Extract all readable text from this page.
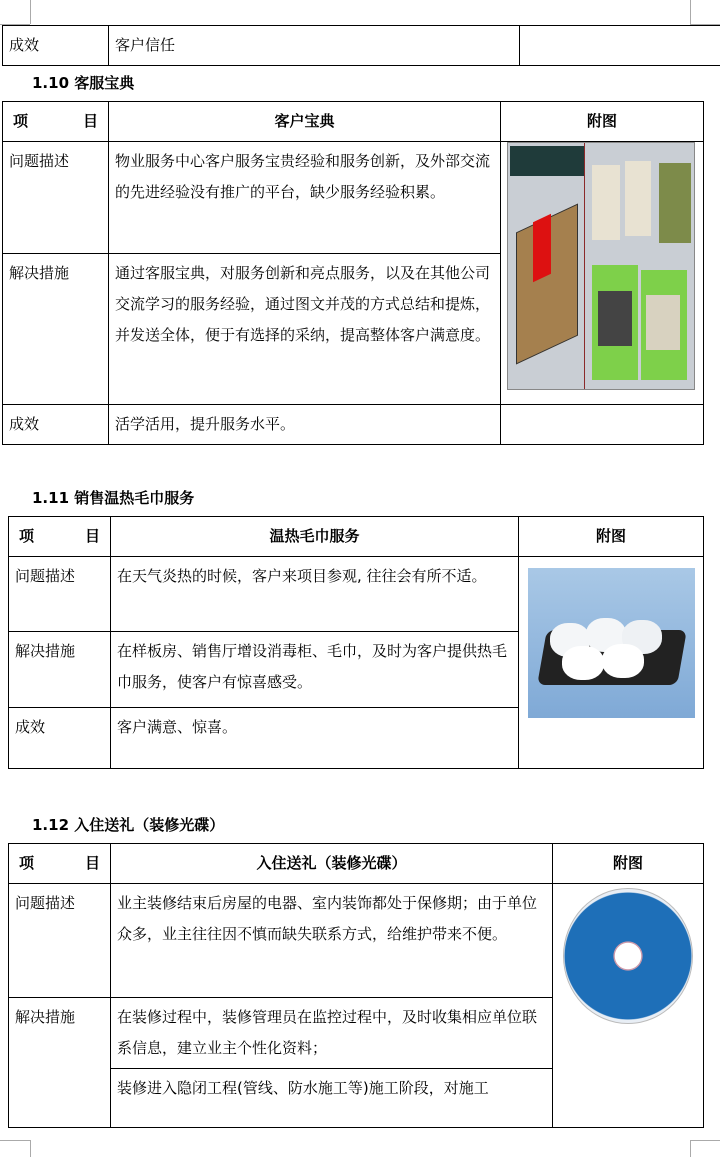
成效	客户信任	
1.10 客服宝典
项 目	客户宝典	附图
问题描述	物业服务中心客户服务宝贵经验和服务创新，及外部交流的先进经验没有推广的平台，缺少服务经验积累。	
解决措施	通过客服宝典，对服务创新和亮点服务，以及在其他公司交流学习的服务经验，通过图文并茂的方式总结和提炼，并发送全体，便于有选择的采纳，提高整体客户满意度。	
成效	活学活用，提升服务水平。	
1.11 销售温热毛巾服务
项 目	温热毛巾服务	附图
问题描述	在天气炎热的时候，客户来项目参观, 往往会有所不适。	
解决措施	在样板房、销售厅增设消毒柜、毛巾，及时为客户提供热毛巾服务，使客户有惊喜感受。	
成效	客户满意、惊喜。	
1.12 入住送礼（装修光碟）
项 目	入住送礼（装修光碟）	附图
问题描述	业主装修结束后房屋的电器、室内装饰都处于保修期；由于单位众多，业主往往因不慎而缺失联系方式，给维护带来不便。	
解决措施	在装修过程中，装修管理员在监控过程中，及时收集相应单位联系信息，建立业主个性化资料；	
	装修进入隐闭工程(管线、防水施工等)施工阶段，对施工	
